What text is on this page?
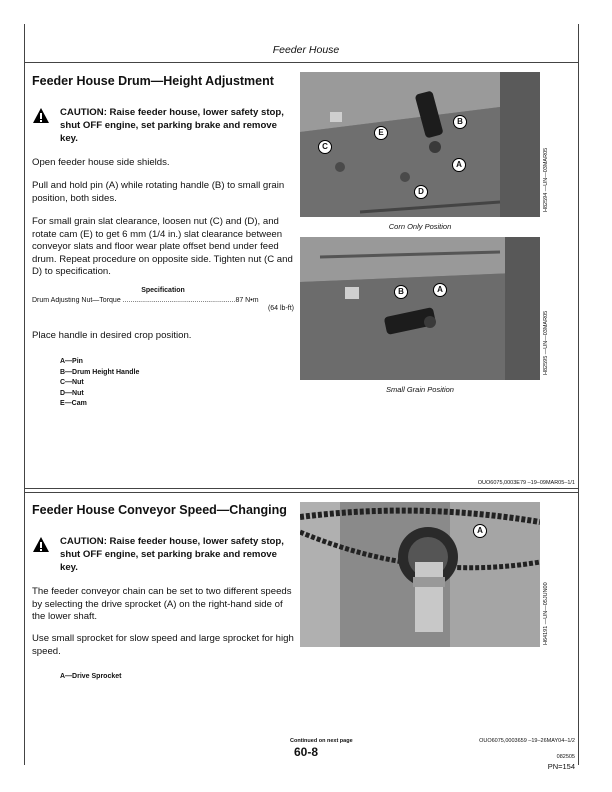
Feeder House
Feeder House Drum—Height Adjustment
CAUTION: Raise feeder house, lower safety stop, shut OFF engine, set parking brake and remove key.
Open feeder house side shields.
Pull and hold pin (A) while rotating handle (B) to small grain position, both sides.
For small grain slat clearance, loosen nut (C) and (D), and rotate cam (E) to get 6 mm (1/4 in.) slat clearance between conveyor slats and floor wear plate offset bend under feed drum. Repeat procedure on opposite side. Tighten nut (C and D) to specification.
Specification
Drum Adjusting Nut—Torque ..........................................................87 N•m
(64 lb-ft)
Place handle in desired crop position.
A—Pin
B—Drum Height Handle
C—Nut
D—Nut
E—Cam
A
B
C
D
E
H82594 —UN—03MAR05
Corn Only Position
A
B
H82595 —UN—03MAR05
Small Grain Position
OUO6075,0003E79 –19–09MAR05–1/1
Feeder House Conveyor Speed—Changing
CAUTION: Raise feeder house, lower safety stop, shut OFF engine, set parking brake and remove key.
The feeder conveyor chain can be set to two different speeds by selecting the drive sprocket (A) on the right-hand side of the lower shaft.
Use small sprocket for slow speed and large sprocket for high speed.
A—Drive Sprocket
A
H64191 —UN—05JUN00
Continued on next page	OUO6075,0003659 –19–26MAY04–1/2
60-8	082505
PN=154
